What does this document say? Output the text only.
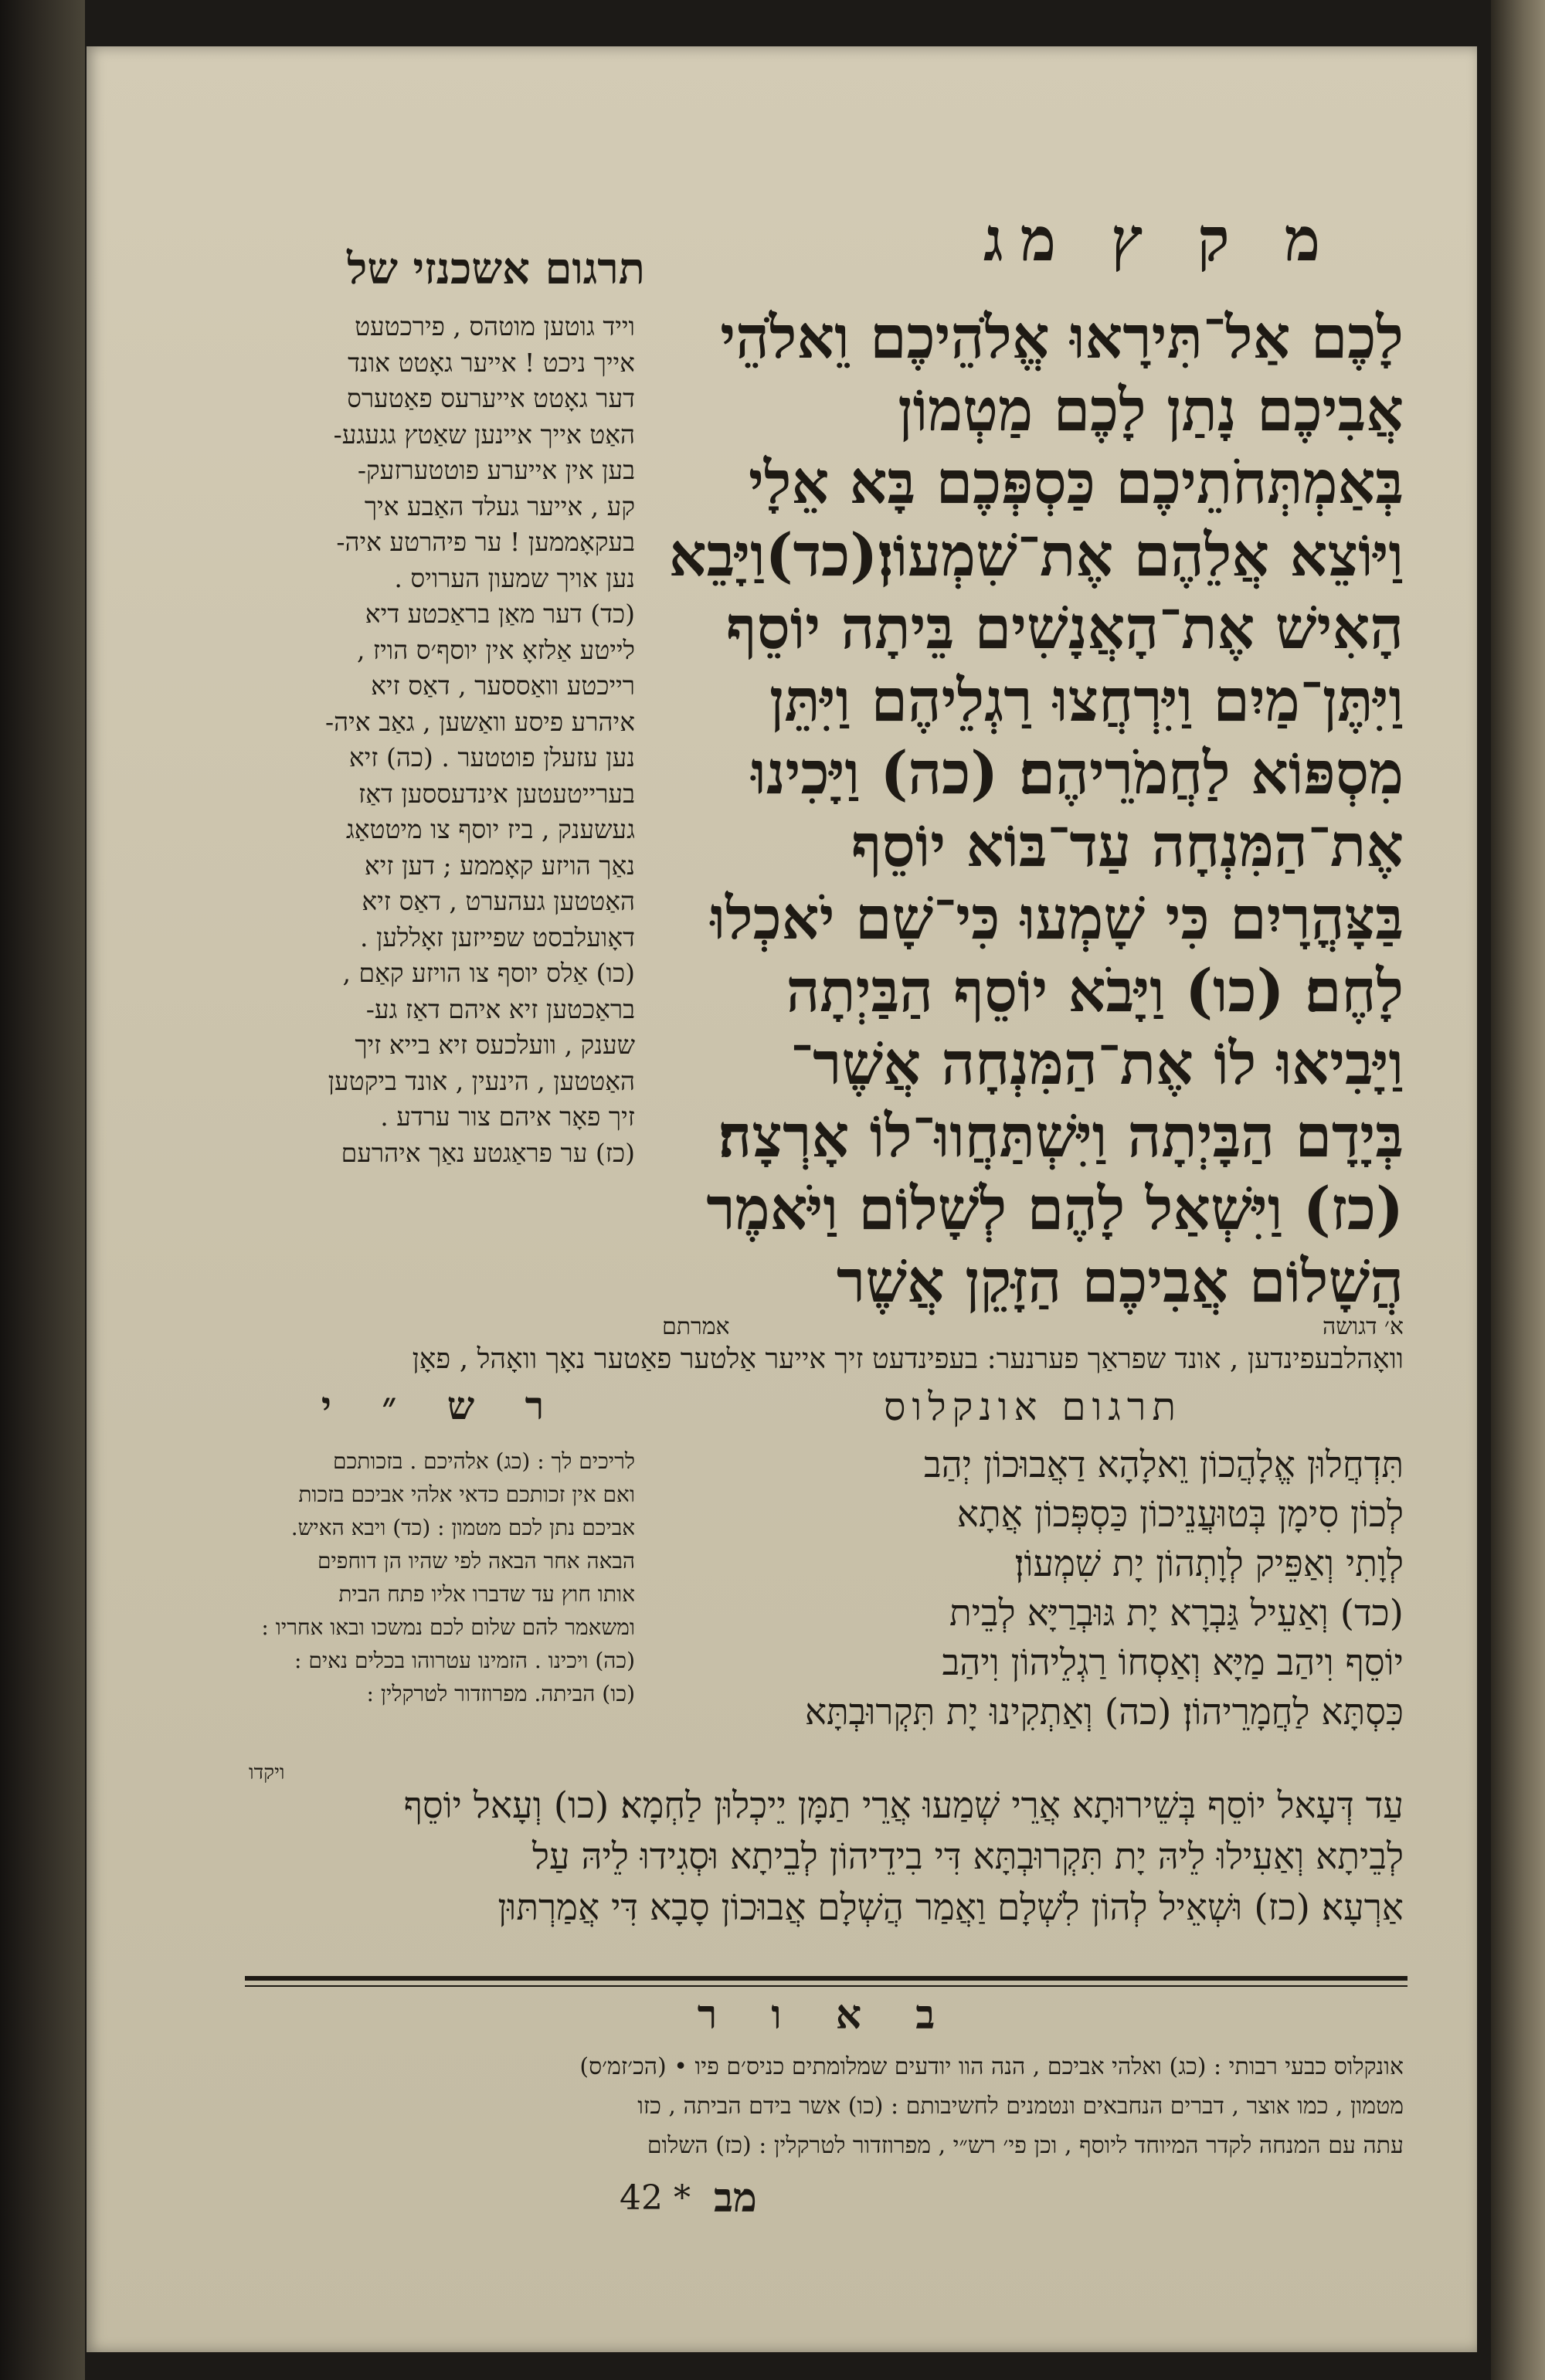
מ ק ץ מג
תרגום אשכנזי של

לָכֶם אַל־תִּירָאוּ אֱלֹהֵיכֶם וֵאלֹהֵי

אֲבִיכֶם נָתַן לָכֶם מַטְמוֹן

בְּאַמְתְּחֹתֵיכֶם כַּסְפְּכֶם בָּא אֵלָי

וַיּוֹצֵא אֲלֵהֶם אֶת־שִׁמְעוֹן׃(כד)וַיָּבֵא

הָאִישׁ אֶת־הָאֲנָשִׁים בֵּיתָה יוֹסֵף

וַיִּתֶּן־מַיִם וַיִּרְחֲצוּ רַגְלֵיהֶם וַיִּתֵּן

מִסְפּוֹא לַחֲמֹרֵיהֶם׃ (כה) וַיָּכִינוּ

אֶת־הַמִּנְחָה עַד־בּוֹא יוֹסֵף

בַּצָּהֳרָיִם כִּי שָׁמְעוּ כִּי־שָׁם יֹאכְלוּ

לָחֶם׃ (כו) וַיָּבֹא יוֹסֵף הַבַּיְתָה

וַיָּבִיאוּ לוֹ אֶת־הַמִּנְחָה אֲשֶׁר־

בְּיָדָם הַבָּיְתָה וַיִּשְׁתַּחֲווּ־לוֹ אָרְצָה׃

(כז) וַיִּשְׁאַל לָהֶם לְשָׁלוֹם וַיֹּאמֶר

הֲשָׁלוֹם אֲבִיכֶם הַזָּקֵן אֲשֶׁר

א׳ דגושה
אמרתם

וייד גוטען מוטהס , פירכטעט

אייך ניכט ! אייער גאָטט אונד

דער גאָטט אייערעס פאַטערס

האַט אייך איינען שאַטץ גגעגע-

בען אין אייערע פוטטערזעק-

קע , אייער געלד האַבע איך

בעקאָממען ! ער פיהרטע איה-

נען אויך שמעון הערויס .

(כד) דער מאַן בראַכטע דיא

לייטע אַלזאָ אין יוסף׳ס הויז ,

רייכטע וואַססער , דאַס זיא

איהרע פיסע וואַשען , גאַב איה-

נען עזעלן פוטטער . (כה) זיא

בערייטעטען אינדעססען דאַז

געשענק , ביז יוסף צו מיטטאַג

נאַך הויזע קאָממע ; דען זיא

האַטטען געהערט , דאַס זיא

דאָועלבסט שפייזען זאָללען .

(כו) אַלס יוסף צו הויזע קאַם ,

בראַכטען זיא איהם דאַז גע-

שענק , וועלכעס זיא בייא זיך

האַטטען , הינעין , אונד ביקטען

זיך פאָר איהם צור ערדע .

(כז) ער פראַגטע נאַך איהרעם

וואָהלבעפינדען , אונד שפראַך פערנער: בעפינדעט זיך אייער אַלטער פאַטער נאָך וואָהל , פאָן
תרגום אונקלוס
ר ש ״ י

תִּדְחֲלוּן אֱלָהֲכוֹן וֵאלָהָא דַאֲבוּכוֹן יְהַב

לְכוֹן סִימָן בְּטוּעֲנֵיכוֹן כַּסְפְּכוֹן אֲתָא

לְוָתִי וְאַפֵּיק לְוָתְהוֹן יָת שִׁמְעוֹן׃

(כד) וְאַעֵיל גַּבְרָא יָת גּוּבְרַיָּא לְבֵית

יוֹסֵף וִיהַב מַיָּא וְאַסְחוֹ רַגְלֵיהוֹן וִיהַב

כִּסְתָּא לַחֲמָרֵיהוֹן׃ (כה) וְאַתְקִינוּ יָת תִּקְרוּבְתָּא

לריכים לך : (כג) אלהיכם . בזכותכם

ואם אין זכותכם כדאי אלהי אביכם בזכות

אביכם נתן לכם מטמון : (כד) ויבא האיש.

הבאה אחר הבאה לפי שהיו הן דוחפים

אותו חוץ עד שדברו אליו פתח הבית

ומשאמר להם שלום לכם נמשכו ובאו אחריו :

(כה) ויכינו . הזמינו עטרוהו בכלים נאים :

(כו) הביתה. מפרוזדור לטרקלין :

ויקדו

עַד דְּעָאל יוֹסֵף בְּשֵׁירוּתָא אֲרֵי שְׁמַעוּ אֲרֵי תַמָּן יֵיכְלוּן לַחְמָא׃ (כו) וְעָאל יוֹסֵף

לְבֵיתָא וְאַעִילוּ לֵיהּ יָת תִּקְרוּבְתָּא דִּי בִידֵיהוֹן לְבֵיתָא וּסְגִידוּ לֵיהּ עַל

אַרְעָא׃ (כז) וּשְׁאֵיל לְהוֹן לִשְׁלָם וַאֲמַר הֲשְׁלָם אֲבוּכוֹן סָבָא דִּי אֲמַרְתּוּן

ב א ו ר

אונקלוס כבעי רבותי : (כג) ואלהי אביכם , הנה הוו יודעים שמלומתים כניס׳ם פיו • (הכ׳זמ׳ס)

מטמון , כמו אוצר , דברים הנחבאים ונטמנים לחשיבותם : (כו) אשר בידם הביתה , כזו

עתה עם המנחה לקדר המיוחד ליוסף , וכן פי׳ רש״י , מפרוזדור לטרקלין : (כז) השלום

42 * מב
